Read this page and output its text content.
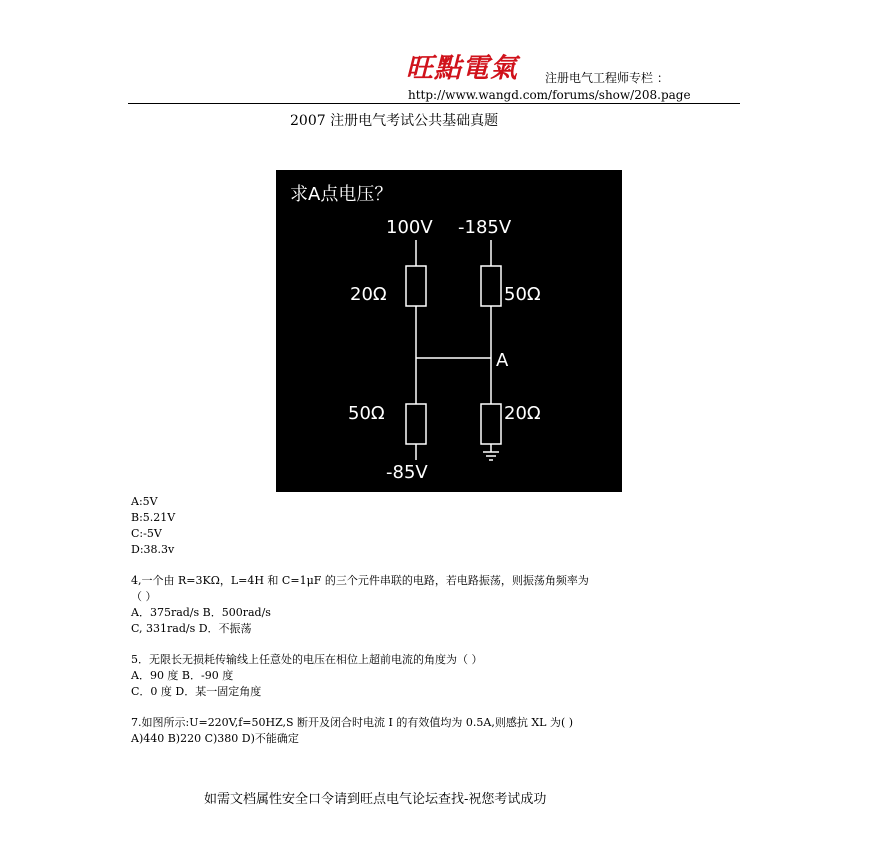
旺點電氣 注册电气工程师专栏 ：
http://www.wangd.com/forums/show/208.page
2007 注册电气考试公共基础真题
求A点电压？
100V -185V
20Ω	50Ω
A
50Ω	20Ω
-85V
A:5V
B:5.21V
C:-5V
D:38.3v
4,一个由 R=3KΩ，L=4H 和 C=1μF 的三个元件串联的电路，若电路振荡，则振荡角频率为
（ ）
A．375rad/s B．500rad/s
C, 331rad/s D．不振荡
5．无限长无损耗传输线上任意处的电压在相位上超前电流的角度为（ ）
A．90 度 B．-90 度
C．0 度 D．某一固定角度
7.如图所示:U=220V,f=50HZ,S 断开及闭合时电流 I 的有效值均为 0.5A,则感抗 XL 为( )
A)440 B)220 C)380 D)不能确定
如需文档属性安全口令请到旺点电气论坛查找-祝您考试成功
